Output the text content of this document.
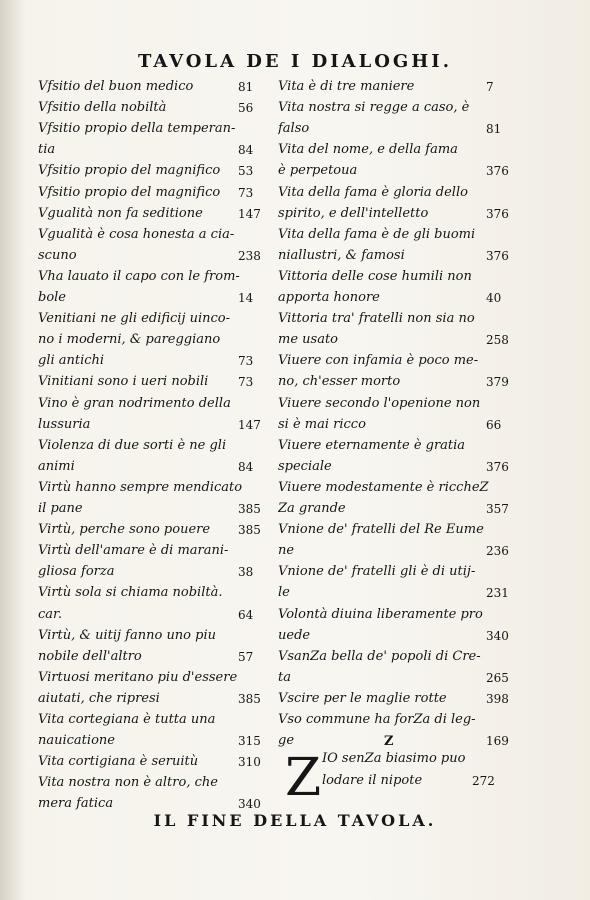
TAVOLA DE I DIALOGHI.
Vfsitio del buon medico	81
Vfsitio della nobiltà	56
Vfsitio propio della temperan-
tia	84
Vfsitio propio del magnifico 53
Vfsitio propio del magnifico 73
Vgualità non fa seditione	147
Vgualità è cosa honesta a cia-
scuno	238
Vha lauato il capo con le from-
bole	14
Venitiani ne gli edificij uinco-
no i moderni, & pareggiano
gli antichi	73
Vinitiani sono i ueri nobili 73
Vino è gran nodrimento della
lussuria	147
Violenza di due sorti è ne gli
animi	84
Virtù hanno sempre mendicato
il pane	385
Virtù, perche sono pouere 385
Virtù dell'amare è di marani-
gliosa forza	38
Virtù sola si chiama nobiltà.
car.	64
Virtù, & uitij fanno uno piu
nobile dell'altro	57
Virtuosi meritano piu d'essere
aiutati, che ripresi	385
Vita cortegiana è tutta una
nauicatione	315
Vita cortigiana è seruitù	310
Vita nostra non è altro, che
mera fatica	340
Vita è di tre maniere	7
Vita nostra si regge a caso, è
falso	81
Vita del nome, e della fama
è perpetoua	376
Vita della fama è gloria dello
spirito, e dell'intelletto	376
Vita della fama è de gli buomi
niallustri, & famosi	376
Vittoria delle cose humili non
apporta honore	40
Vittoria tra' fratelli non sia no
me usato	258
Viuere con infamia è poco me-
no, ch'esser morto	379
Viuere secondo l'openione non
si è mai ricco	66
Viuere eternamente è gratia
speciale	376
Viuere modestamente è riccheZ
Za grande	357
Vnione de' fratelli del Re Eume
ne	236
Vnione de' fratelli gli è di utij-
le	231
Volontà diuina liberamente pro
uede	340
VsanZa bella de' popoli di Cre-
ta	265
Vscire per le maglie rotte	398
Vso commune ha forZa di leg-
ge	169
Z
Z IO senZa biasimo puo
lodare il nipote	272
IL FINE DELLA TAVOLA.
